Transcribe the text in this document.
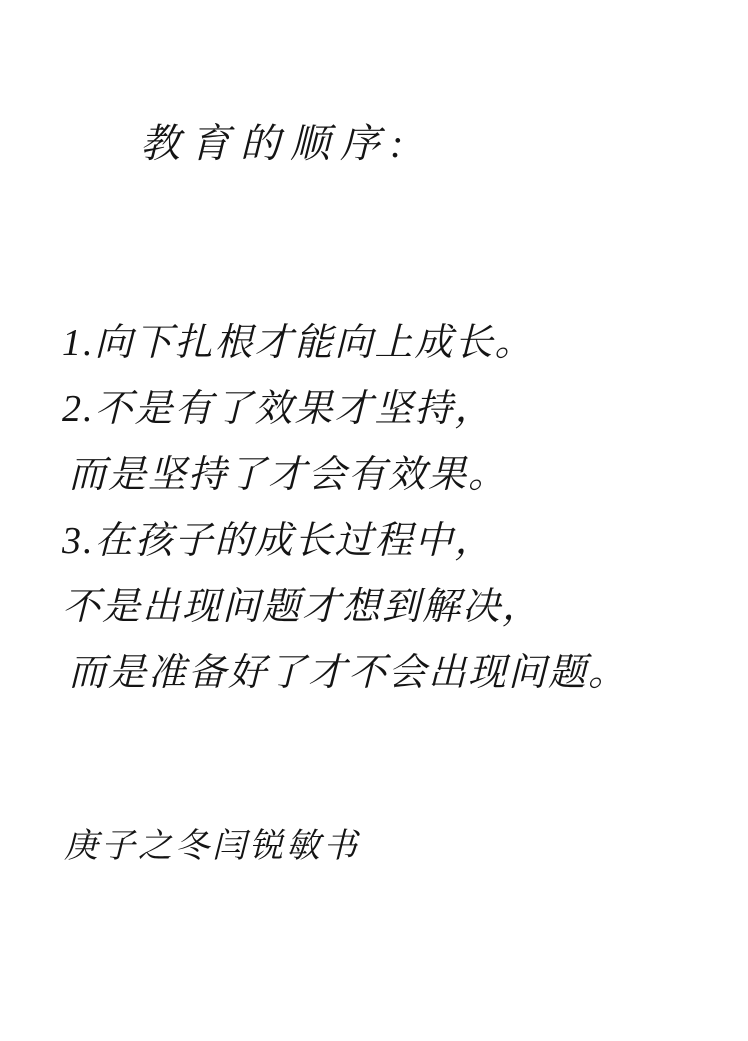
教育的顺序:
1.向下扎根才能向上成长。
2.不是有了效果才坚持，
而是坚持了才会有效果。
3.在孩子的成长过程中，
不是出现问题才想到解决，
而是准备好了才不会出现问题。
庚子之冬闫锐敏书
